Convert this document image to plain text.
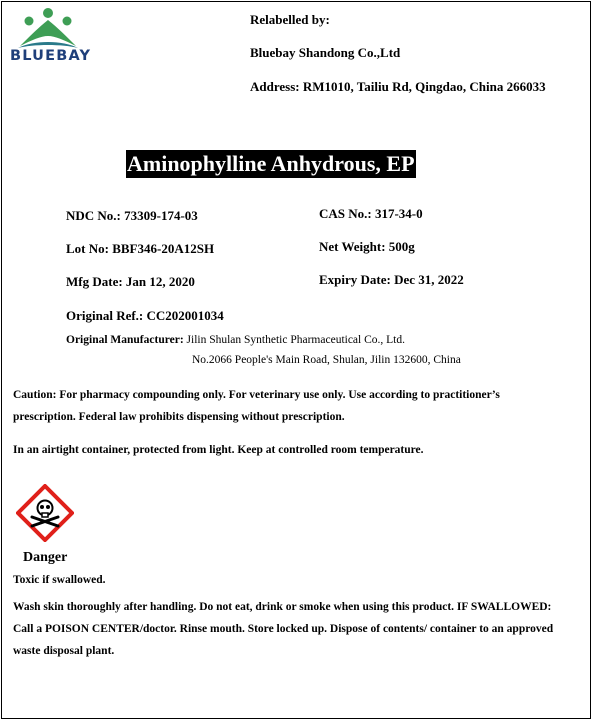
BLUEBAY
Relabelled by:
Bluebay Shandong Co.,Ltd
Address: RM1010, Tailiu Rd, Qingdao, China 266033
Aminophylline Anhydrous, EP
NDC No.: 73309-174-03	CAS No.: 317-34-0
Lot No: BBF346-20A12SH	Net Weight: 500g
Mfg Date: Jan 12, 2020	Expiry Date: Dec 31, 2022
Original Ref.: CC202001034
Original Manufacturer: Jilin Shulan Synthetic Pharmaceutical Co., Ltd.
No.2066 People's Main Road, Shulan, Jilin 132600, China
Caution: For pharmacy compounding only. For veterinary use only. Use according to practitioner’s
prescription. Federal law prohibits dispensing without prescription.
In an airtight container, protected from light. Keep at controlled room temperature.
Danger
Toxic if swallowed.
Wash skin thoroughly after handling. Do not eat, drink or smoke when using this product. IF SWALLOWED:
Call a POISON CENTER/doctor. Rinse mouth. Store locked up. Dispose of contents/ container to an approved
waste disposal plant.
